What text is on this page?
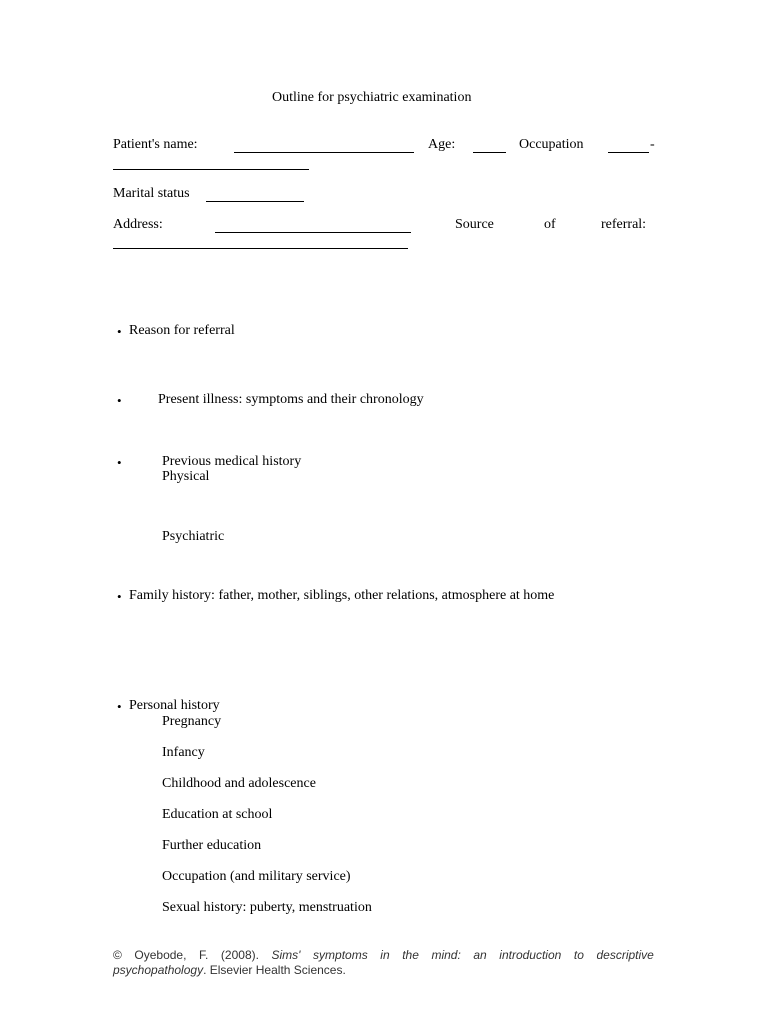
Outline for psychiatric examination
Patient's name:	Age:	Occupation	-
Marital status
Address:	Source	of	referral:
• Reason for referral
•	Present illness: symptoms and their chronology
•	Previous medical history
Physical
Psychiatric
• Family history: father, mother, siblings, other relations, atmosphere at home
• Personal history
Pregnancy
Infancy
Childhood and adolescence
Education at school
Further education
Occupation (and military service)
Sexual history: puberty, menstruation
© Oyebode, F. (2008). Sims' symptoms in the mind: an introduction to descriptive
psychopathology. Elsevier Health Sciences.
